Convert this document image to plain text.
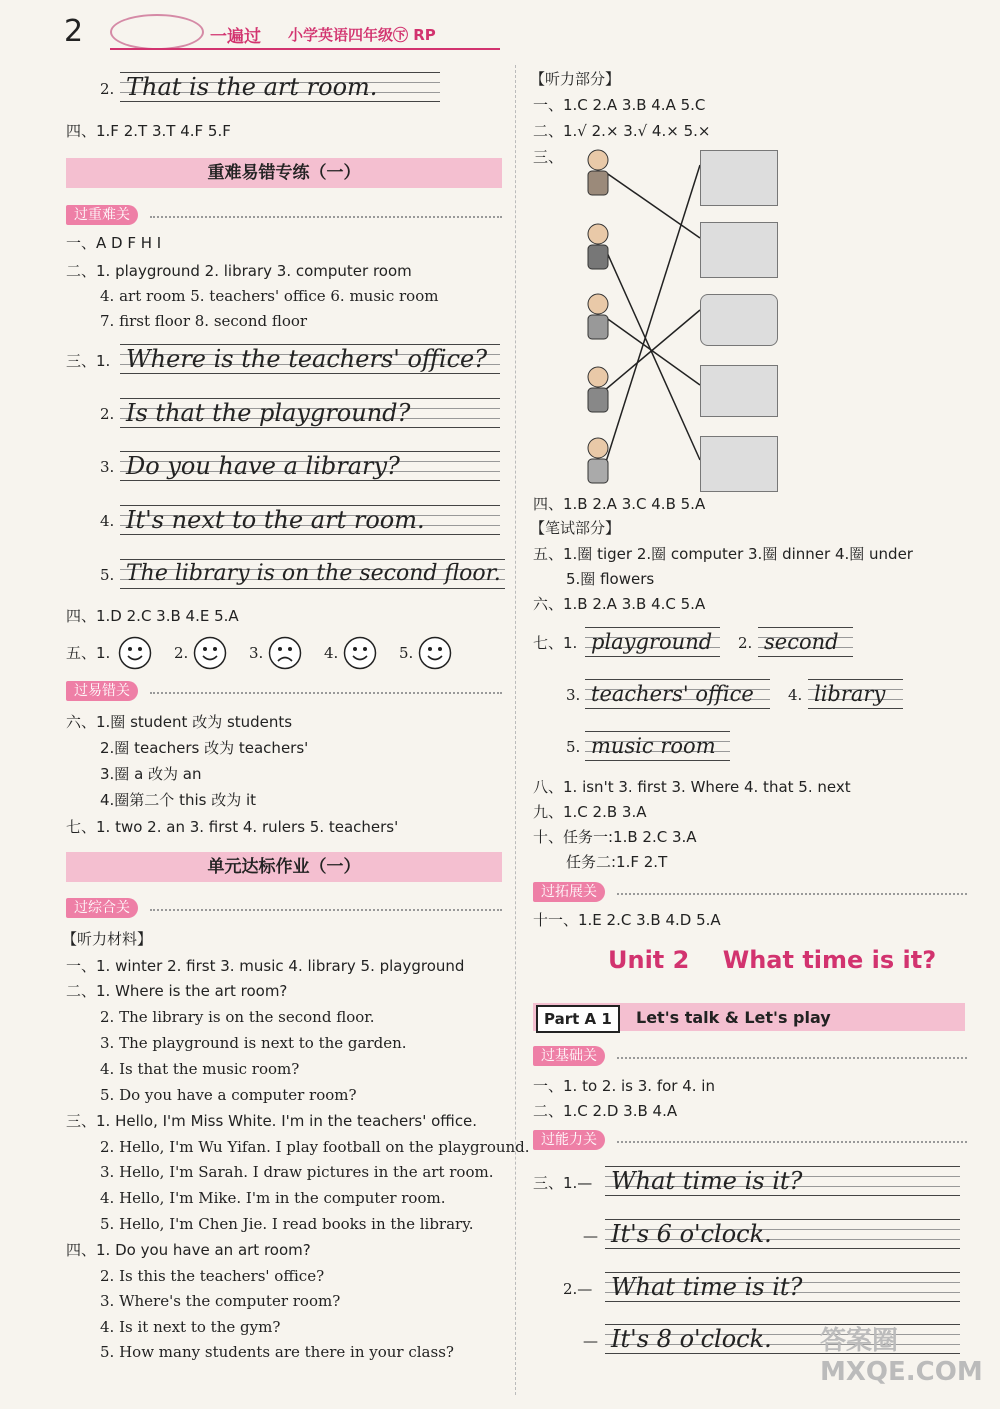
2	一遍过 小学英语四年级㊦ RP
2. That is the art room.
四、1.F 2.T 3.T 4.F 5.F
重难易错专练（一）
过重难关
一、A D F H I
二、1. playground 2. library 3. computer room
4. art room 5. teachers' office 6. music room
7. first floor 8. second floor
三、1. Where is the teachers' office?
2. Is that the playground?
3. Do you have a library?
4. It's next to the art room.
5. The library is on the second floor.
四、1.D 2.C 3.B 4.E 5.A
五、1.	2.	3.	4.	5.
过易错关
六、1.圈 student 改为 students
2.圈 teachers 改为 teachers'
3.圈 a 改为 an
4.圈第二个 this 改为 it
七、1. two 2. an 3. first 4. rulers 5. teachers'
单元达标作业（一）
过综合关
【听力材料】
一、1. winter 2. first 3. music 4. library 5. playground
二、1. Where is the art room?
2. The library is on the second floor.
3. The playground is next to the garden.
4. Is that the music room?
5. Do you have a computer room?
三、1. Hello, I'm Miss White. I'm in the teachers' office.
2. Hello, I'm Wu Yifan. I play football on the playground.
3. Hello, I'm Sarah. I draw pictures in the art room.
4. Hello, I'm Mike. I'm in the computer room.
5. Hello, I'm Chen Jie. I read books in the library.
四、1. Do you have an art room?
2. Is this the teachers' office?
3. Where's the computer room?
4. Is it next to the gym?
5. How many students are there in your class?
【听力部分】
一、1.C 2.A 3.B 4.A 5.C
二、1.√ 2.× 3.√ 4.× 5.×
三、
四、1.B 2.A 3.C 4.B 5.A
【笔试部分】
五、1.圈 tiger 2.圈 computer 3.圈 dinner 4.圈 under
5.圈 flowers
六、1.B 2.A 3.B 4.C 5.A
七、1. playground 2. second
3. teachers' office 4. library
5. music room
八、1. isn't 3. first 3. Where 4. that 5. next
九、1.C 2.B 3.A
十、任务一:1.B 2.C 3.A
任务二:1.F 2.T
过拓展关
十一、1.E 2.C 3.B 4.D 5.A
Unit 2    What time is it?
Part A 1	Let's talk & Let's play
过基础关
一、1. to 2. is 3. for 4. in
二、1.C 2.D 3.B 4.A
过能力关
三、1.— What time is it?
— It's 6 o'clock.
2.— What time is it?
— It's 8 o'clock. 答案圈 MXQE.COM
